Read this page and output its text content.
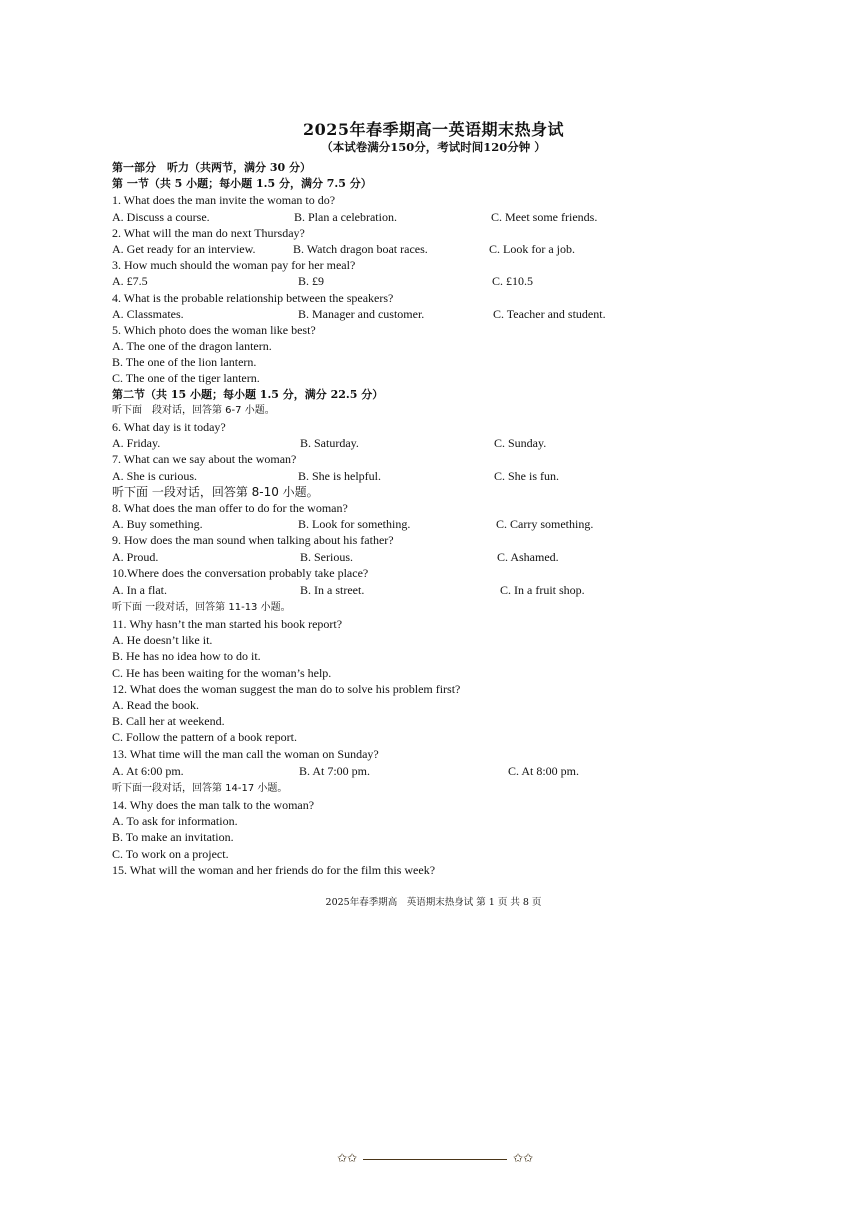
2025年春季期高一英语期末热身试
（本试卷满分150分，考试时间120分钟 ）
第一部分　听力（共两节，满分 30 分）
第 一节（共 5 小题；每小题 1.5 分，满分 7.5 分）
1. What does the man invite the woman to do?
A. Discuss a course.	B. Plan a celebration.	C. Meet some friends.
2. What will the man do next Thursday?
A. Get ready for an interview.	B. Watch dragon boat races.	C. Look for a job.
3. How much should the woman pay for her meal?
A. £7.5	B. £9	C. £10.5
4. What is the probable relationship between the speakers?
A. Classmates.	B. Manager and customer.	C. Teacher and student.
5. Which photo does the woman like best?
A. The one of the dragon lantern.
B. The one of the lion lantern.
C. The one of the tiger lantern.
第二节（共 15 小题；每小题 1.5 分，满分 22.5 分）
听下面　段对话，回答第 6-7 小题。
6. What day is it today?
A. Friday.	B. Saturday.	C. Sunday.
7. What can we say about the woman?
A. She is curious.	B. She is helpful.	C. She is fun.
听下面 一段对话，回答第 8-10 小题。
8. What does the man offer to do for the woman?
A. Buy something.	B. Look for something.	C. Carry something.
9. How does the man sound when talking about his father?
A. Proud.	B. Serious.	C. Ashamed.
10.Where does the conversation probably take place?
A. In a flat.	B. In a street.	C. In a fruit shop.
听下面 一段对话，回答第 11-13 小题。
11. Why hasn’t the man started his book report?
A. He doesn’t like it.
B. He has no idea how to do it.
C. He has been waiting for the woman’s help.
12. What does the woman suggest the man do to solve his problem first?
A. Read the book.
B. Call her at weekend.
C. Follow the pattern of a book report.
13. What time will the man call the woman on Sunday?
A. At 6:00 pm.	B. At 7:00 pm.	C. At 8:00 pm.
听下面一段对话，回答第 14-17 小题。
14. Why does the man talk to the woman?
A. To ask for information.
B. To make an invitation.
C. To work on a project.
15. What will the woman and her friends do for the film this week?
2025年春季期高　英语期末热身试 第 1 页 共 8 页
✩✩	✩✩
